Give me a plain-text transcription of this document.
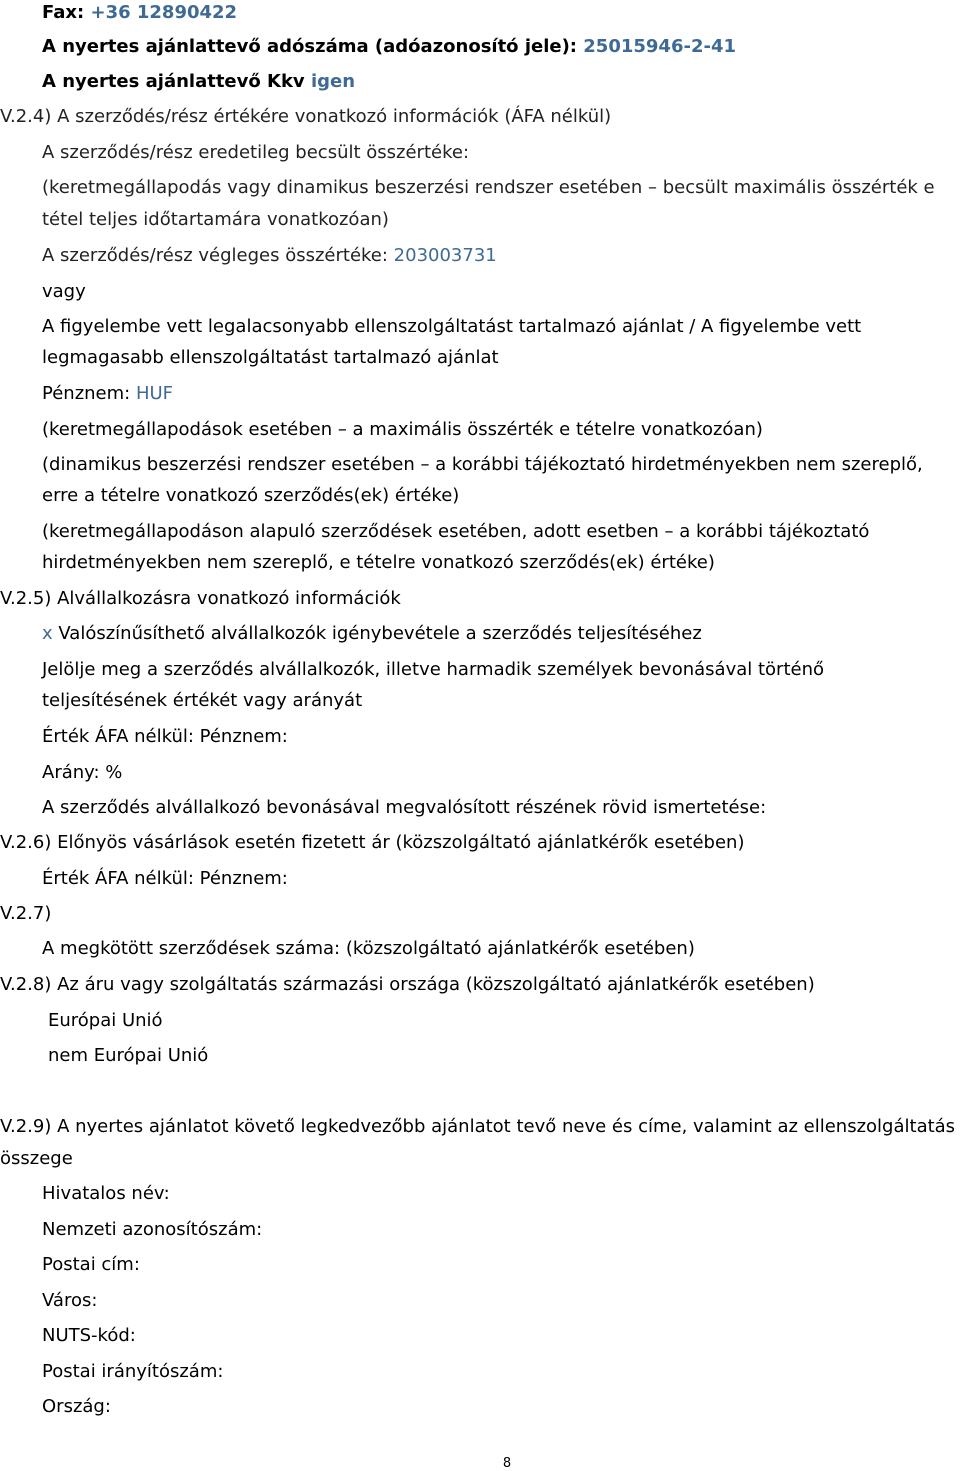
Fax: +36 12890422
A nyertes ajánlattevő adószáma (adóazonosító jele): 25015946-2-41
A nyertes ajánlattevő Kkv igen
V.2.4) A szerződés/rész értékére vonatkozó információk (ÁFA nélkül)
A szerződés/rész eredetileg becsült összértéke:
(keretmegállapodás vagy dinamikus beszerzési rendszer esetében – becsült maximális összérték e
tétel teljes időtartamára vonatkozóan)
A szerződés/rész végleges összértéke: 203003731
vagy
A figyelembe vett legalacsonyabb ellenszolgáltatást tartalmazó ajánlat / A figyelembe vett
legmagasabb ellenszolgáltatást tartalmazó ajánlat
Pénznem: HUF
(keretmegállapodások esetében – a maximális összérték e tételre vonatkozóan)
(dinamikus beszerzési rendszer esetében – a korábbi tájékoztató hirdetményekben nem szereplő,
erre a tételre vonatkozó szerződés(ek) értéke)
(keretmegállapodáson alapuló szerződések esetében, adott esetben – a korábbi tájékoztató
hirdetményekben nem szereplő, e tételre vonatkozó szerződés(ek) értéke)
V.2.5) Alvállalkozásra vonatkozó információk
x Valószínűsíthető alvállalkozók igénybevétele a szerződés teljesítéséhez
Jelölje meg a szerződés alvállalkozók, illetve harmadik személyek bevonásával történő
teljesítésének értékét vagy arányát
Érték ÁFA nélkül: Pénznem:
Arány: %
A szerződés alvállalkozó bevonásával megvalósított részének rövid ismertetése:
V.2.6) Előnyös vásárlások esetén fizetett ár (közszolgáltató ajánlatkérők esetében)
Érték ÁFA nélkül: Pénznem:
V.2.7)
A megkötött szerződések száma: (közszolgáltató ajánlatkérők esetében)
V.2.8) Az áru vagy szolgáltatás származási országa (közszolgáltató ajánlatkérők esetében)
Európai Unió
nem Európai Unió
V.2.9) A nyertes ajánlatot követő legkedvezőbb ajánlatot tevő neve és címe, valamint az ellenszolgáltatás
összege
Hivatalos név:
Nemzeti azonosítószám:
Postai cím:
Város:
NUTS-kód:
Postai irányítószám:
Ország:
8
